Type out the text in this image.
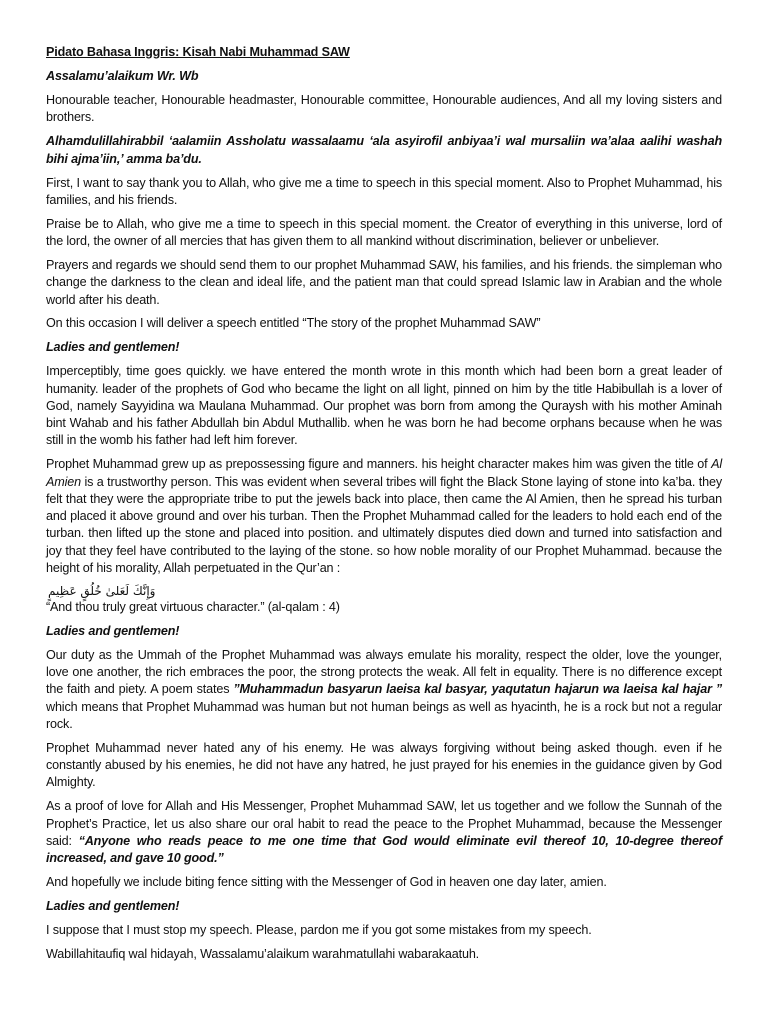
Pidato Bahasa Inggris: Kisah Nabi Muhammad SAW

Assalamu’alaikum Wr. Wb

Honourable teacher, Honourable headmaster, Honourable committee, Honourable audiences, And all my loving sisters and brothers.

Alhamdulillahirabbil ‘aalamiin Assholatu wassalaamu ‘ala asyirofil anbiyaa’i wal mursaliin wa’alaa aalihi washah bihi ajma’iin,’ amma ba’du.

First, I want to say thank you to Allah, who give me a time to speech in this special moment. Also to Prophet Muhammad, his families, and his friends.

Praise be to Allah, who give me a time to speech in this special moment. the Creator of everything in this universe, lord of the lord, the owner of all mercies that has given them to all mankind without discrimination, believer or unbeliever.

Prayers and regards we should send them to our prophet Muhammad SAW, his families, and his friends. the simpleman who change the darkness to the clean and ideal life, and the patient man that could spread Islamic law in Arabian and the whole world after his death.

On this occasion I will deliver a speech entitled “The story of the prophet Muhammad SAW”

Ladies and gentlemen!

Imperceptibly, time goes quickly. we have entered the month wrote in this month which had been born a great leader of humanity. leader of the prophets of God who became the light on all light, pinned on him by the title Habibullah is a lover of God, namely Sayyidina wa Maulana Muhammad. Our prophet was born from among the Quraysh with his mother Aminah bint Wahab and his father Abdullah bin Abdul Muthallib. when he was born he had become orphans because when he was still in the womb his father had left him forever.

Prophet Muhammad grew up as prepossessing figure and manners. his height character makes him was given the title of Al Amien is a trustworthy person. This was evident when several tribes will fight the Black Stone laying of stone into ka’ba. they felt that they were the appropriate tribe to put the jewels back into place, then came the Al Amien, then he spread his turban and placed it above ground and over his turban. Then the Prophet Muhammad called for the leaders to hold each end of the turban. then lifted up the stone and placed into position. and ultimately disputes died down and turned into satisfaction and joy that they feel have contributed to the laying of the stone. so how noble morality of our Prophet Muhammad. because the height of his morality, Allah perpetuated in the Qur’an :

وَإِنَّكَ لَعَلىٰ خُلُقٍ عَظِيمٍ

“And thou truly great virtuous character.” (al-qalam : 4)

Ladies and gentlemen!

Our duty as the Ummah of the Prophet Muhammad was always emulate his morality, respect the older, love the younger, love one another, the rich embraces the poor, the strong protects the weak. All felt in equality. There is no difference except the faith and piety. A poem states ”Muhammadun basyarun laeisa kal basyar, yaqutatun hajarun wa laeisa kal hajar ” which means that Prophet Muhammad was human but not human beings as well as hyacinth, he is a rock but not a regular rock.

Prophet Muhammad never hated any of his enemy. He was always forgiving without being asked though. even if he constantly abused by his enemies, he did not have any hatred, he just prayed for his enemies in the guidance given by God Almighty.

As a proof of love for Allah and His Messenger, Prophet Muhammad SAW, let us together and we follow the Sunnah of the Prophet’s Practice, let us also share our oral habit to read the peace to the Prophet Muhammad, because the Messenger said: “Anyone who reads peace to me one time that God would eliminate evil thereof 10, 10-degree thereof increased, and gave 10 good.”

And hopefully we include biting fence sitting with the Messenger of God in heaven one day later, amien.

Ladies and gentlemen!

I suppose that I must stop my speech. Please, pardon me if you got some mistakes from my speech.

Wabillahitaufiq wal hidayah, Wassalamu’alaikum warahmatullahi wabarakaatuh.
